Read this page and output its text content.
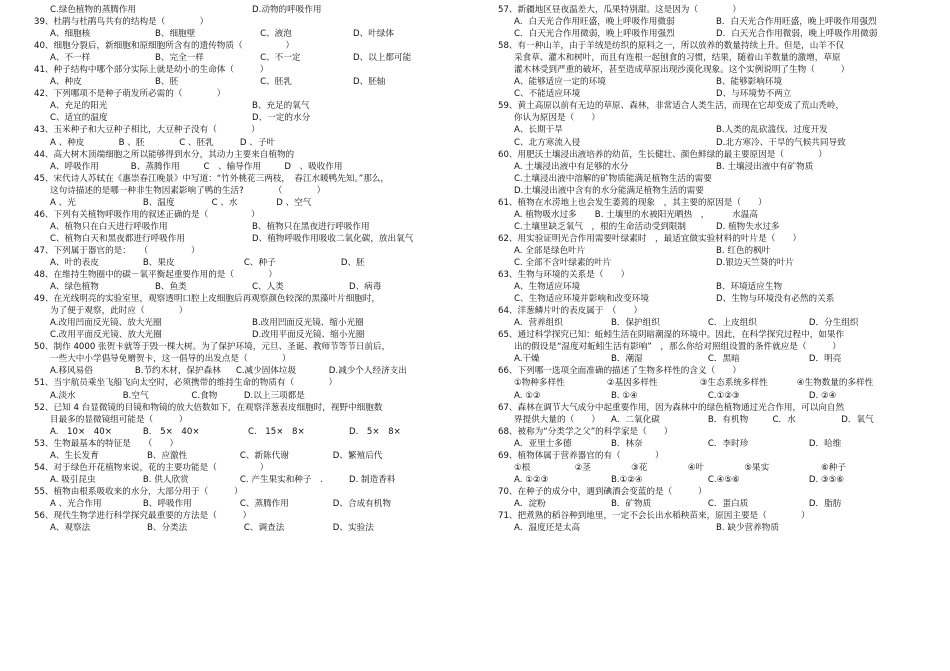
C.绿色植物的蒸腾作用	D.动物的呼吸作用
39、杜鹃与杜鹃鸟共有的结构是（　　　　）
A、细胞核	B、细胞壁	C、液泡	D、叶绿体
40、细胞分裂后，新细胞和原细胞所含有的遗传物质（　　　　　）
A、不一样	B、完全一样	C、不一定	D、以上都可能
41、种子结构中哪个部分实际上就是幼小的生命体（　　　）
A、种皮	B、胚	C、胚乳	D、胚轴
42、下列哪项不是种子萌发所必需的（　　　　）
A、充足的阳光	B、充足的氧气
C、适宜的温度	D、一定的水分
43、玉米种子和大豆种子相比，大豆种子没有（　　　　）
A 、种皮	B 、胚	C 、胚乳	D 、子叶
44、高大树木顶端细胞之所以能够得到水分，其动力主要来自植物的
A、呼吸作用	B、蒸腾作用	C　、输导作用	D　、吸收作用
45、宋代诗人苏轼在《惠崇春江晚景》中写道：“竹外桃花三两枝，　春江水暖鸭先知。”那么，
这句诗描述的是哪一种非生物因素影响了鸭的生活?　　　　（　　　　）
A 、光	B、温度	C 、水	D 、空气
46、下列有关植物呼吸作用的叙述正确的是（　　　　　）
A、植物只在白天进行呼吸作用	B、植物只在黑夜进行呼吸作用
C、植物白天和黑夜都进行呼吸作用	D、植物呼吸作用吸收二氧化碳，放出氧气
47、下列属于器官的是：　　（　　　　　）
A、叶的表皮	B、果皮	C、种子	D、胚
48、在维持生物圈中的碳－氧平衡起重要作用的是（　　　　）
A、绿色植物	B、鱼类	C、人类	D、病毒
49、在光线明亮的实验室里，观察透明口腔上皮细胞后再观察颜色较深的黑藻叶片细胞时，
为了便于观察，此时应（　　　　）
A.改用凹面反光镜、放大光圈	B.改用凹面反光镜、缩小光圈
C.改用平面反光镜、放大光圈	D.改用平面反光镜、缩小光圈
50、制作 4000 张贺卡就等于毁一棵大树。为了保护环境，元旦、圣诞、教师节等节日前后，
一些大中小学倡导免赠贺卡，这一倡导的出发点是（　　　　）
A.移风易俗	B.节约木材，保护森林 C.减少固体垃圾	D.减少个人经济支出
51、当宇航员乘坐飞船飞向太空时，必须携带的维持生命的物质有（　　　　）
A.淡水	B.空气	C.食物	D.以上三项都是
52、已知 4 台显微镜的目镜和物镜的放大倍数如下，在观察洋葱表皮细胞时，视野中细胞数
目最多的显微镜组可能是（　　　）
A.　10×　40×	B.　5×　40×	C.　15×　8×	D.　5×　8×
53、生物最基本的特征是　　（　　）
A、生长发育	B、应激性	C、新陈代谢	D、繁殖后代
54、对于绿色开花植物来说，花的主要功能是（　　　　　）
A. 吸引昆虫	B. 供人欣赏	C. 产生果实和种子　.	D. 制造香料
55、植物由根系吸收来的水分，大部分用于（　　　）
A 、光合作用	B、呼吸作用	C、蒸腾作用	D、合成有机物
56、现代生物学进行科学探究最重要的方法是（　　　）
A、观察法	B、分类法	C、调查法	D、实验法
57、新疆地区昼夜温差大，瓜果特别甜。这是因为（　　　　）
A．白天光合作用旺盛，晚上呼吸作用微弱	B．白天光合作用旺盛，晚上呼吸作用强烈
C．白天光合作用微弱，晚上呼吸作用强烈	D．白天光合作用微弱，晚上呼吸作用微弱
58、有一种山羊，由于羊绒是纺织的原料之一，所以放养的数量持续上升。但是，山羊不仅
采食草、灌木和树叶，而且有连根一起刨食的习惯，结果，随着山羊数量的激增，草原
灌木林受到严重的破坏，甚至造成草原出现沙漠化现象。这个实例说明了生物（　　　）
A、能够适应一定的环境	B、能够影响环境
C、不能适应环境	D、与环境势不两立
59、黄土高原以前有无边的草原、森林，非常适合人类生活，而现在它却变成了荒山秃岭，
你认为原因是（　　）
A、长期干旱	B.人类的乱砍滥伐、过度开发
C、北方寒流入侵	D.北方寒冷、干旱的气候共同导致
60、用肥沃土壤浸出液培养的幼苗，生长健壮、颜色鲜绿的最主要原因是（　　　　）
A. 土壤浸出液中有足够的水分	B. 土壤浸出液中有矿物质
C.土壤浸出液中溶解的矿物质能满足植物生活的需要
D.土壤浸出液中含有的水分能满足植物生活的需要
61、植物在水涝地上也会发生萎蔫的现象　，其主要的原因是（　　）
A. 植物吸水过多 B. 土壤里的水被阳光晒热　，	水温高
C.土壤里缺乏氧气　，根的生命活动受到限制	D. 植物失水过多
62、用实验证明光合作用需要叶绿素时　，最适宜做实验材料的叶片是（　　）
A. 全部是绿色叶片	B. 红色的枫叶
C. 全部不含叶绿素的叶片	D.银边天竺葵的叶片
63、生物与环境的关系是（　　）
A、生物适应环境	B、环境适应生物
C、生物适应环境并影响和改变环境	D、生物与环境没有必然的关系
64、洋葱鳞片叶的表皮属于　（　　）
A．营养组织	B．保护组织	C．上皮组织	D．分生组织
65、通过科学探究已知：蚯蚓生活在阴暗潮湿的环境中。因此，在科学探究过程中，如果作
出的假设是“湿度对蚯蚓生活有影响”　，那么你给对照组设置的条件就应是（　　　）
A.干燥	B．潮湿	C．黑暗	D．明亮
66、下列哪一选项全面准确的描述了生物多样性的含义（　　）
①物种多样性	②基因多样性	③生态系统多样性	④生物数量的多样性
A. ①②	B. ①④	C.①②③	D. ②④
67、森林在调节大气成分中起重要作用，因为森林中的绿色植物通过光合作用，可以向自然
界提供大量的（　　） A．二氧化碳	B．有机物	C．水	D．氧气
68、被称为“分类学之父”的科学家是（　　）
A．亚里士多德	B．林奈	C．李时珍	D．哈维
69、植物体属于营养器官的有（　　　　）
①根	②茎	③花	④叶	⑤果实	⑥种子
A. ①②③	B.①②④	C.④⑤⑥	D. ③⑤⑥
70、在种子的成分中，遇到碘酒会变蓝的是（　　　）
A．淀粉	B．矿物质	C．蛋白质	D．脂肪
71、把煮熟的稻谷种到地里，一定不会长出水稻秧苗来，原因主要是（　　　　）
A．温度还是太高	B. 缺少营养物质
